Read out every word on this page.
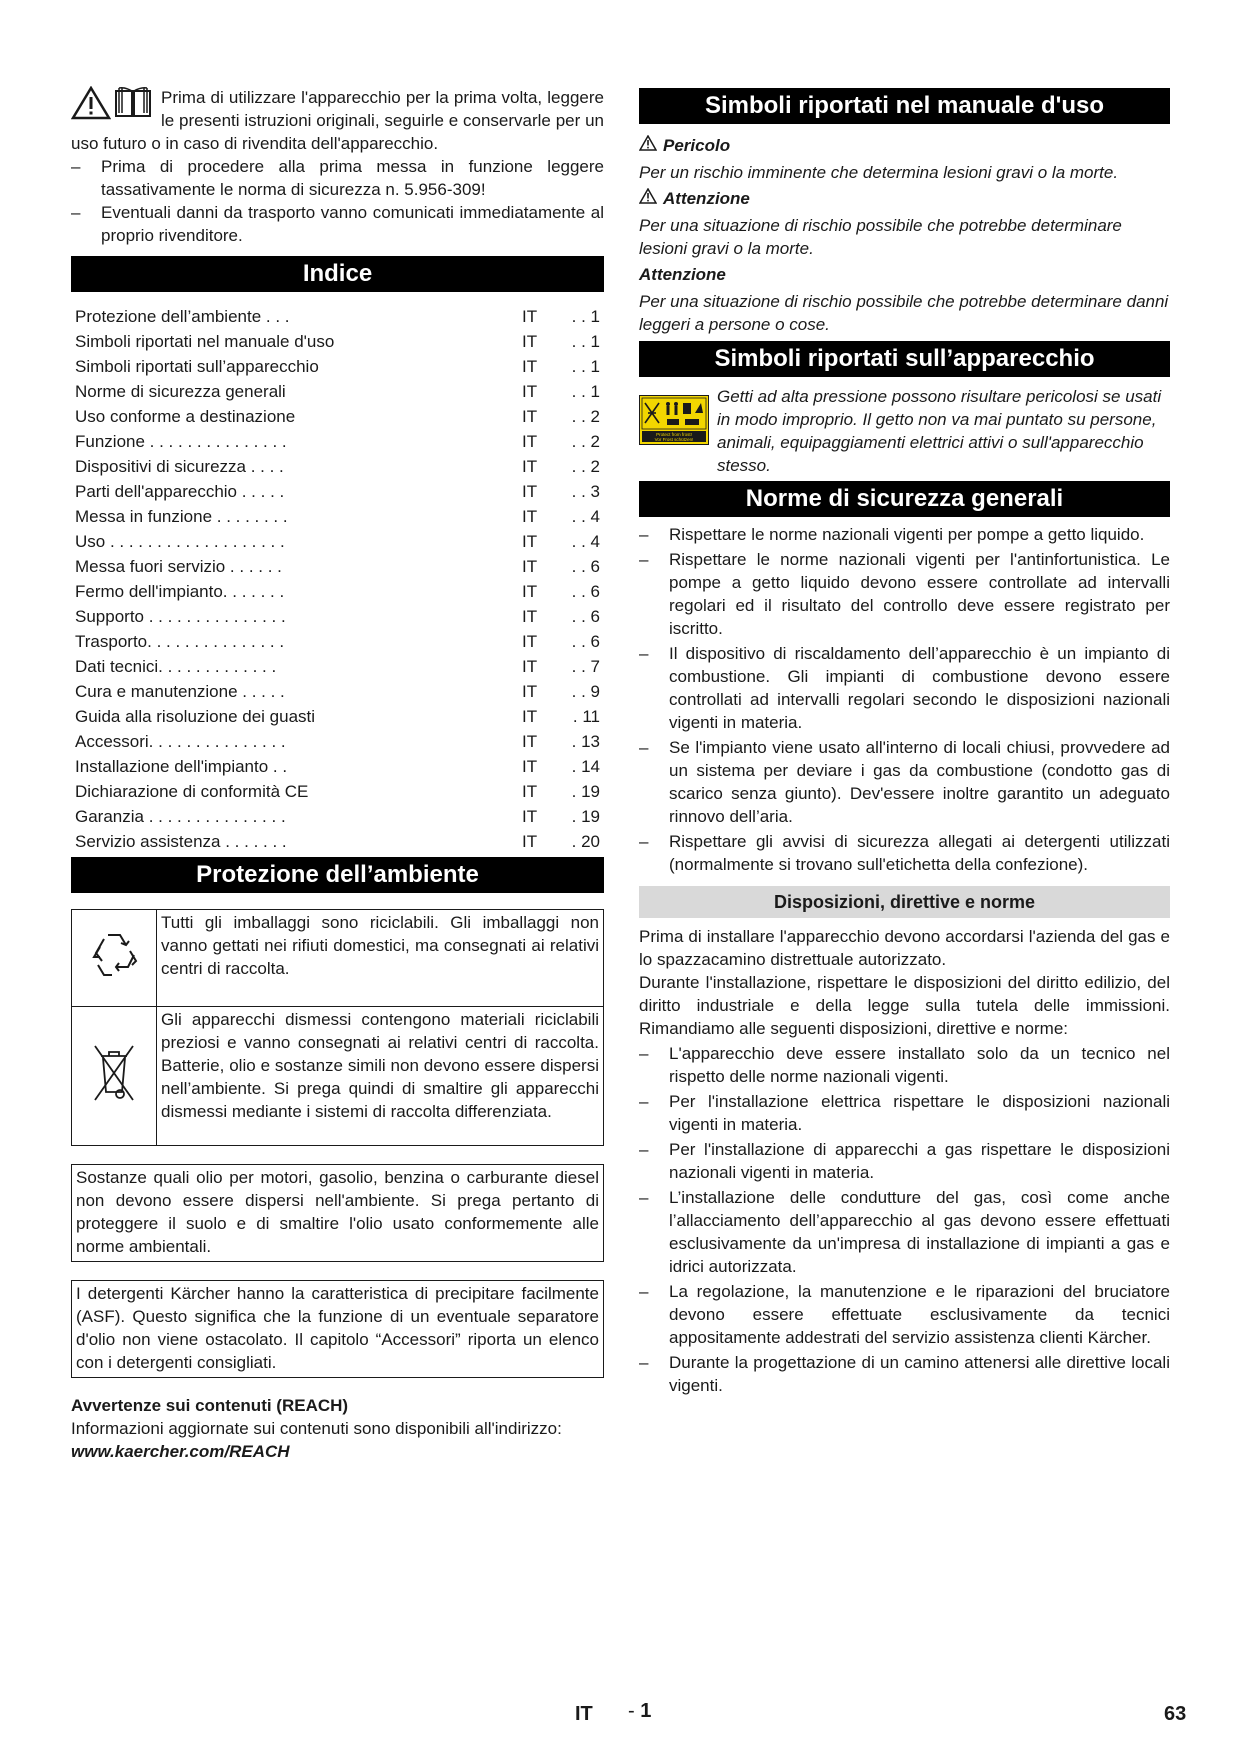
Prima di utilizzare l'apparecchio per la prima volta, leggere le presenti istruzioni originali, seguirle e conservarle per un uso futuro o in caso di rivendita dell'apparecchio.

– Prima di procedere alla prima messa in funzione leggere tassativamente le norma di sicurezza n. 5.956-309!
– Eventuali danni da trasporto vanno comunicati immediatamente al proprio rivenditore.
Indice
Protezione dell’ambiente . . .	IT	. . 1
Simboli riportati nel manuale d'uso	IT	. . 1
Simboli riportati sull’apparecchio	IT	. . 1
Norme di sicurezza generali	IT	. . 1
Uso conforme a destinazione	IT	. . 2
Funzione . . . . . . . . . . . . . . .	IT	. . 2
Dispositivi di sicurezza . . . .	IT	. . 2
Parti dell'apparecchio . . . . .	IT	. . 3
Messa in funzione . . . . . . . .	IT	. . 4
Uso . . . . . . . . . . . . . . . . . . .	IT	. . 4
Messa fuori servizio . . . . . .	IT	. . 6
Fermo dell'impianto. . . . . . .	IT	. . 6
Supporto . . . . . . . . . . . . . . .	IT	. . 6
Trasporto. . . . . . . . . . . . . . .	IT	. . 6
Dati tecnici. . . . . . . . . . . . .	IT	. . 7
Cura e manutenzione . . . . .	IT	. . 9
Guida alla risoluzione dei guasti	IT	. 11
Accessori. . . . . . . . . . . . . . .	IT	. 13
Installazione dell'impianto . .	IT	. 14
Dichiarazione di conformità CE	IT	. 19
Garanzia . . . . . . . . . . . . . . .	IT	. 19
Servizio assistenza . . . . . . .	IT	. 20
Protezione dell’ambiente
	Tutti gli imballaggi sono riciclabili. Gli imballaggi non vanno gettati nei rifiuti domestici, ma consegnati ai relativi centri di raccolta.
	Gli apparecchi dismessi contengono materiali riciclabili preziosi e vanno consegnati ai relativi centri di raccolta. Batterie, olio e sostanze simili non devono essere dispersi nell’ambiente. Si prega quindi di smaltire gli apparecchi dismessi mediante i sistemi di raccolta differenziata.
Sostanze quali olio per motori, gasolio, benzina o carburante diesel non devono essere dispersi nell'ambiente. Si prega pertanto di proteggere il suolo e di smaltire l'olio usato conformemente alle norme ambientali.
I detergenti Kärcher hanno la caratteristica di precipitare facilmente (ASF). Questo significa che la funzione di un eventuale separatore d'olio non viene ostacolato. Il capitolo “Accessori” riporta un elenco con i detergenti consigliati.
Avvertenze sui contenuti (REACH)
Informazioni aggiornate sui contenuti sono disponibili all'indirizzo:
www.kaercher.com/REACH
Simboli riportati nel manuale d'uso
Pericolo
Per un rischio imminente che determina lesioni gravi o la morte.
Attenzione
Per una situazione di rischio possibile che potrebbe determinare lesioni gravi o la morte.
Attenzione
Per una situazione di rischio possibile che potrebbe determinare danni leggeri a persone o cose.
Simboli riportati sull’apparecchio
Protect from frost!
Vor Frost schützen!
Getti ad alta pressione possono risultare pericolosi se usati in modo improprio. Il getto non va mai puntato su persone, animali, equipaggiamenti elettrici attivi o sull'apparecchio stesso.
Norme di sicurezza generali
– Rispettare le norme nazionali vigenti per pompe a getto liquido.
– Rispettare le norme nazionali vigenti per l'antinfortunistica. Le pompe a getto liquido devono essere controllate ad intervalli regolari ed il risultato del controllo deve essere registrato per iscritto.
– Il dispositivo di riscaldamento dell’apparecchio è un impianto di combustione. Gli impianti di combustione devono essere controllati ad intervalli regolari secondo le disposizioni nazionali vigenti in materia.
– Se l'impianto viene usato all'interno di locali chiusi, provvedere ad un sistema per deviare i gas da combustione (condotto gas di scarico senza giunto). Dev'essere inoltre garantito un adeguato rinnovo dell’aria.
– Rispettare gli avvisi di sicurezza allegati ai detergenti utilizzati (normalmente si trovano sull'etichetta della confezione).
Disposizioni, direttive e norme
Prima di installare l'apparecchio devono accordarsi l'azienda del gas e lo spazzacamino distrettuale autorizzato.
Durante l'installazione, rispettare le disposizioni del diritto edilizio, del diritto industriale e della legge sulla tutela delle immissioni. Rimandiamo alle seguenti disposizioni, direttive e norme:
– L'apparecchio deve essere installato solo da un tecnico nel rispetto delle norme nazionali vigenti.
– Per l'installazione elettrica rispettare le disposizioni nazionali vigenti in materia.
– Per l'installazione di apparecchi a gas rispettare le disposizioni nazionali vigenti in materia.
– L’installazione delle condutture del gas, così come anche l’allacciamento dell’apparecchio al gas devono essere effettuati esclusivamente da un'impresa di installazione di impianti a gas e idrici autorizzata.
– La regolazione, la manutenzione e le riparazioni del bruciatore devono essere effettuate esclusivamente da tecnici appositamente addestrati del servizio assistenza clienti Kärcher.
– Durante la progettazione di un camino attenersi alle direttive locali vigenti.
IT - 1	63
